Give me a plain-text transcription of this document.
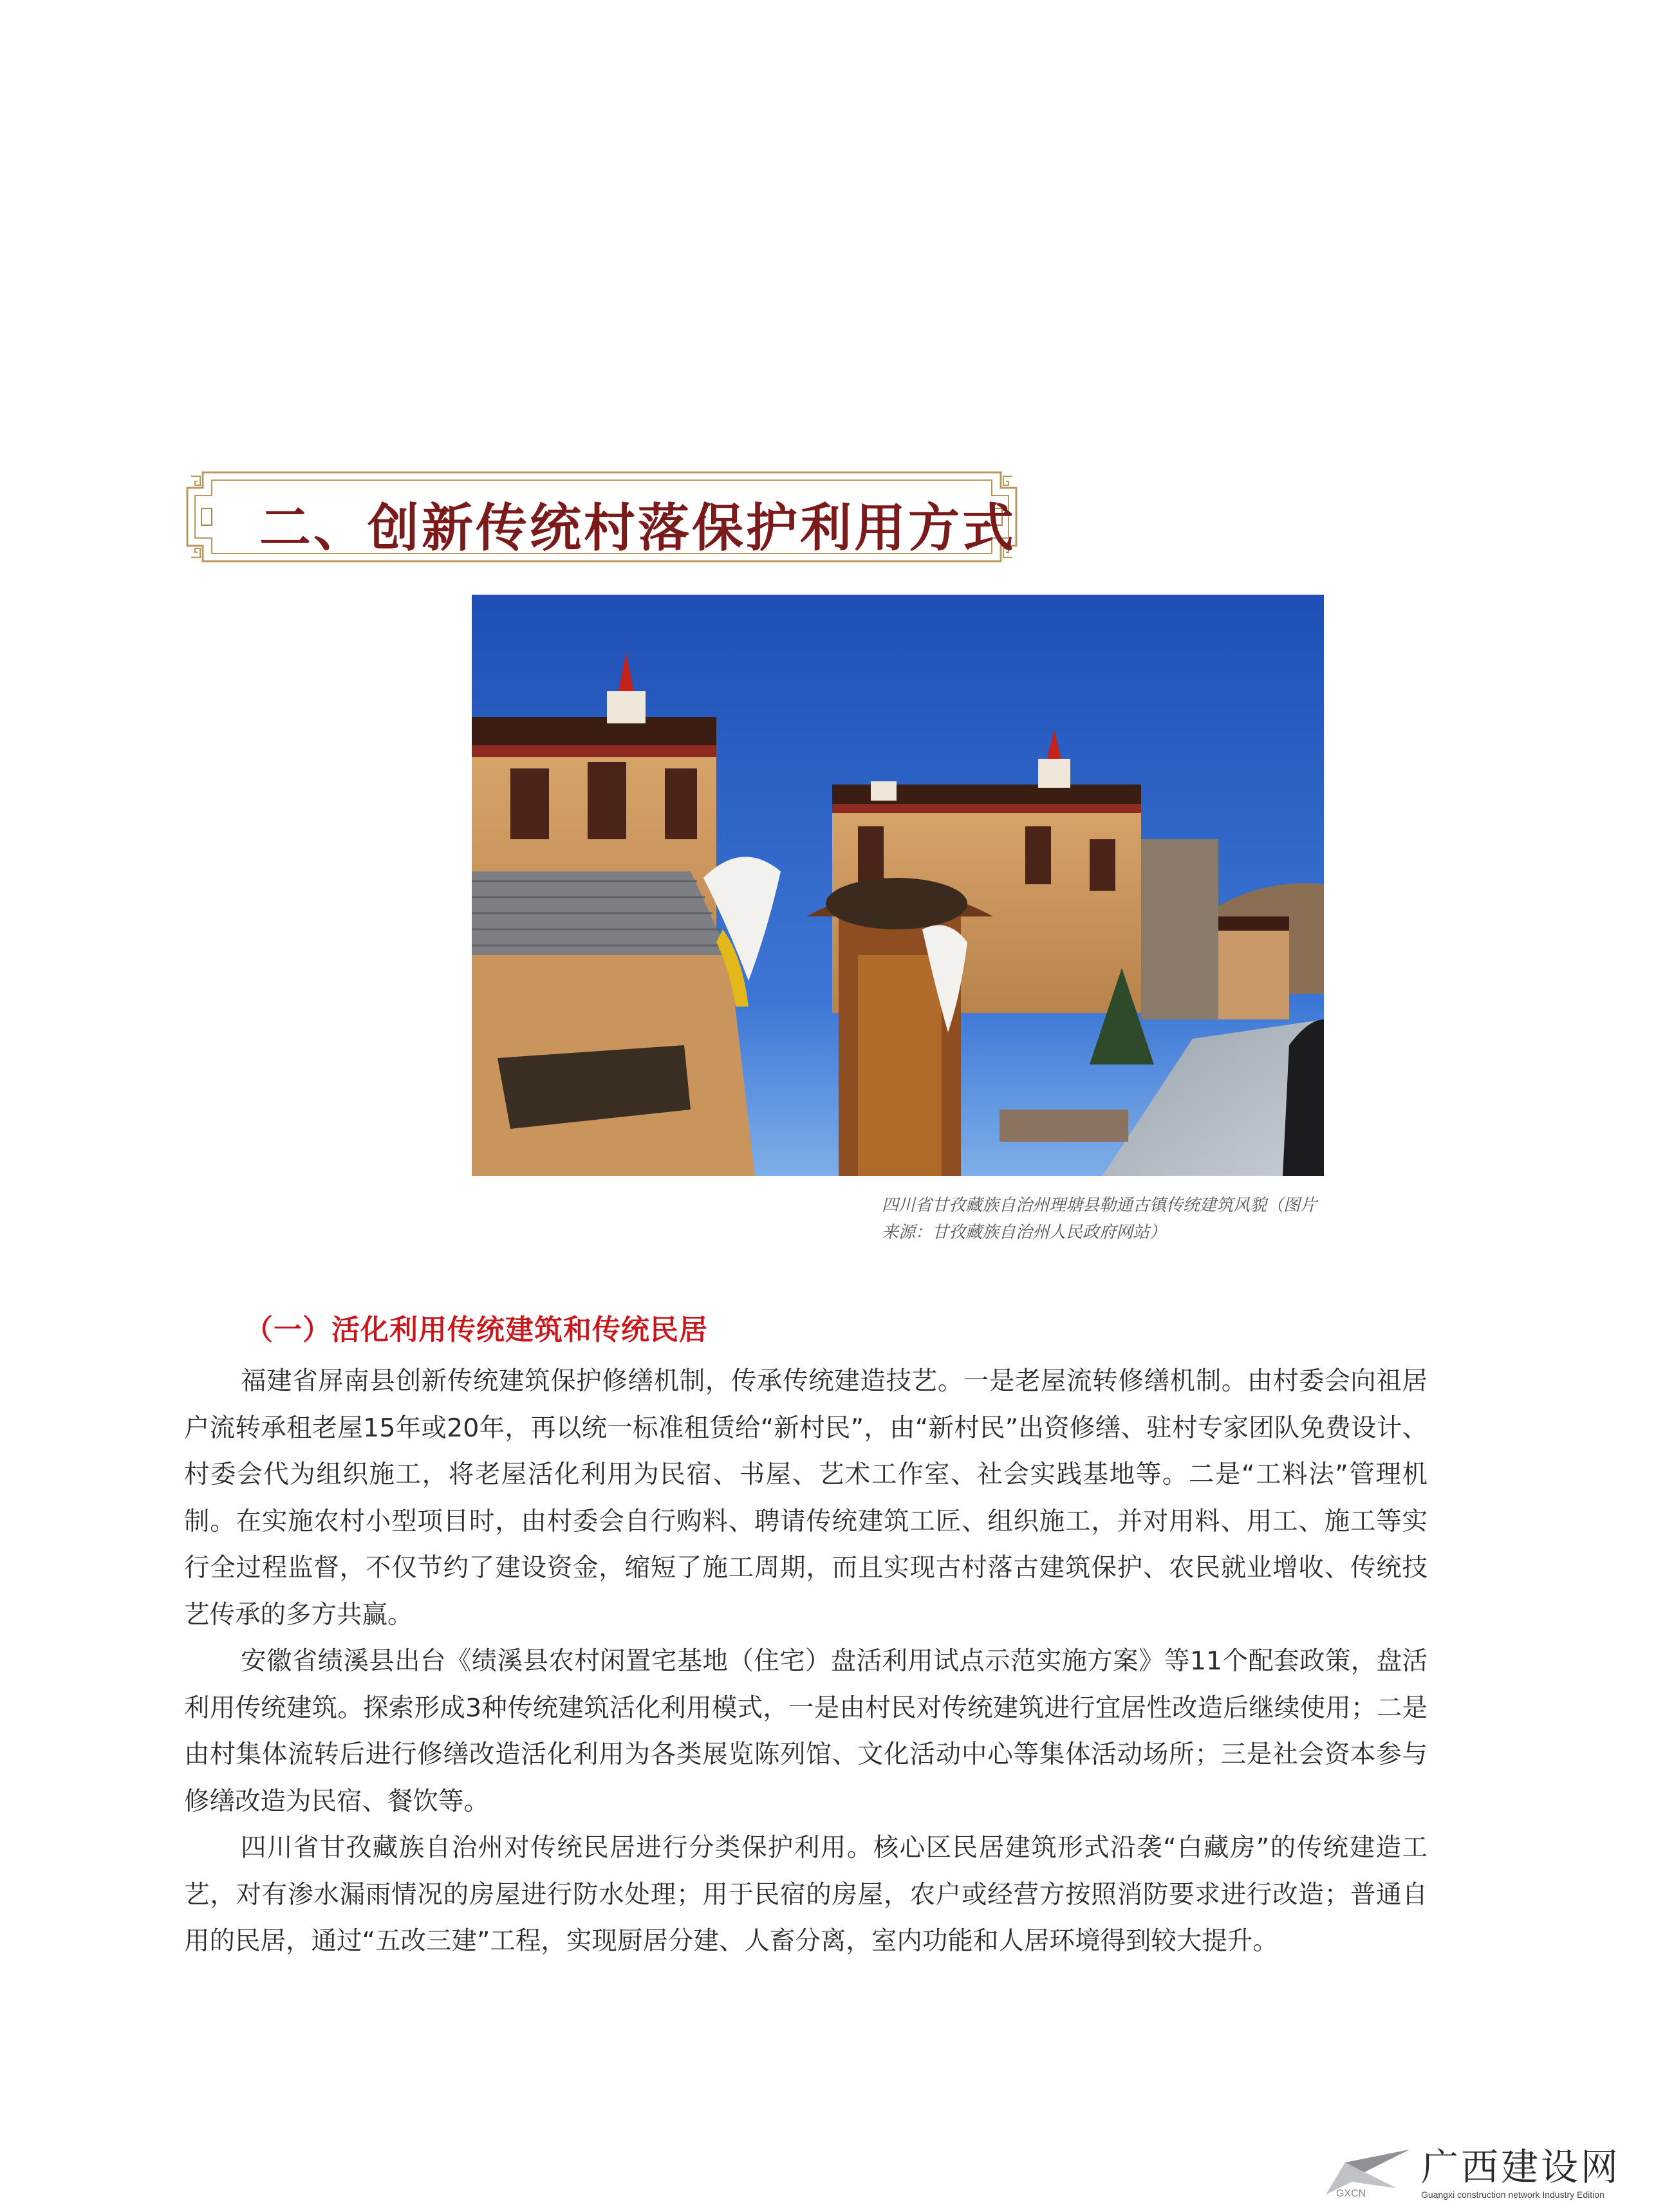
二、创新传统村落保护利用方式
四川省甘孜藏族自治州理塘县勒通古镇传统建筑风貌（图片来源：甘孜藏族自治州人民政府网站）
（一）活化利用传统建筑和传统民居

福建省屏南县创新传统建筑保护修缮机制，传承传统建造技艺。一是老屋流转修缮机制。由村委会向祖居户流转承租老屋15年或20年，再以统一标准租赁给“新村民”，由“新村民”出资修缮、驻村专家团队免费设计、村委会代为组织施工，将老屋活化利用为民宿、书屋、艺术工作室、社会实践基地等。二是“工料法”管理机制。在实施农村小型项目时，由村委会自行购料、聘请传统建筑工匠、组织施工，并对用料、用工、施工等实行全过程监督，不仅节约了建设资金，缩短了施工周期，而且实现古村落古建筑保护、农民就业增收、传统技艺传承的多方共赢。

安徽省绩溪县出台《绩溪县农村闲置宅基地（住宅）盘活利用试点示范实施方案》等11个配套政策，盘活利用传统建筑。探索形成3种传统建筑活化利用模式，一是由村民对传统建筑进行宜居性改造后继续使用；二是由村集体流转后进行修缮改造活化利用为各类展览陈列馆、文化活动中心等集体活动场所；三是社会资本参与修缮改造为民宿、餐饮等。

四川省甘孜藏族自治州对传统民居进行分类保护利用。核心区民居建筑形式沿袭“白藏房”的传统建造工艺，对有渗水漏雨情况的房屋进行防水处理；用于民宿的房屋，农户或经营方按照消防要求进行改造；普通自用的民居，通过“五改三建”工程，实现厨居分建、人畜分离，室内功能和人居环境得到较大提升。

GXCN
广西建设网
Guangxi construction network Industry Edition
